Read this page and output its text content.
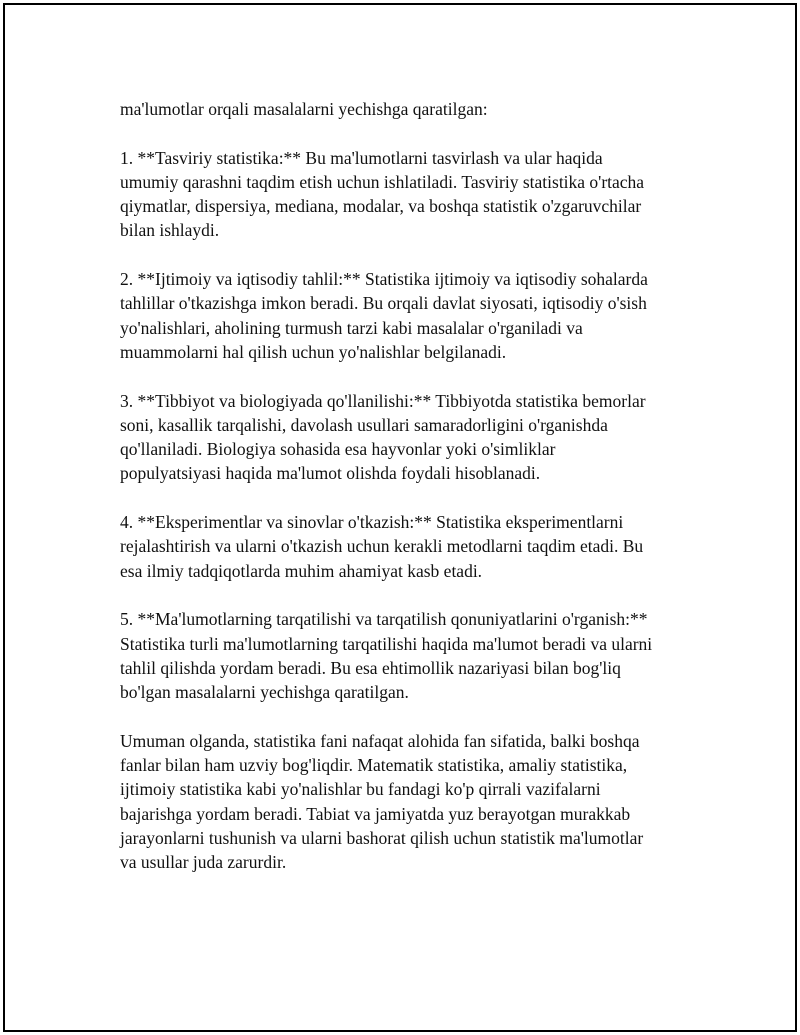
ma'lumotlar orqali masalalarni yechishga qaratilgan:

1. **Tasviriy statistika:** Bu ma'lumotlarni tasvirlash va ular haqida
umumiy qarashni taqdim etish uchun ishlatiladi. Tasviriy statistika o'rtacha
qiymatlar, dispersiya, mediana, modalar, va boshqa statistik o'zgaruvchilar
bilan ishlaydi.

2. **Ijtimoiy va iqtisodiy tahlil:** Statistika ijtimoiy va iqtisodiy sohalarda
tahlillar o'tkazishga imkon beradi. Bu orqali davlat siyosati, iqtisodiy o'sish
yo'nalishlari, aholining turmush tarzi kabi masalalar o'rganiladi va
muammolarni hal qilish uchun yo'nalishlar belgilanadi.

3. **Tibbiyot va biologiyada qo'llanilishi:** Tibbiyotda statistika bemorlar
soni, kasallik tarqalishi, davolash usullari samaradorligini o'rganishda
qo'llaniladi. Biologiya sohasida esa hayvonlar yoki o'simliklar
populyatsiyasi haqida ma'lumot olishda foydali hisoblanadi.

4. **Eksperimentlar va sinovlar o'tkazish:** Statistika eksperimentlarni
rejalashtirish va ularni o'tkazish uchun kerakli metodlarni taqdim etadi. Bu
esa ilmiy tadqiqotlarda muhim ahamiyat kasb etadi.

5. **Ma'lumotlarning tarqatilishi va tarqatilish qonuniyatlarini o'rganish:**
Statistika turli ma'lumotlarning tarqatilishi haqida ma'lumot beradi va ularni
tahlil qilishda yordam beradi. Bu esa ehtimollik nazariyasi bilan bog'liq
bo'lgan masalalarni yechishga qaratilgan.

Umuman olganda, statistika fani nafaqat alohida fan sifatida, balki boshqa
fanlar bilan ham uzviy bog'liqdir. Matematik statistika, amaliy statistika,
ijtimoiy statistika kabi yo'nalishlar bu fandagi ko'p qirrali vazifalarni
bajarishga yordam beradi. Tabiat va jamiyatda yuz berayotgan murakkab
jarayonlarni tushunish va ularni bashorat qilish uchun statistik ma'lumotlar
va usullar juda zarurdir.
